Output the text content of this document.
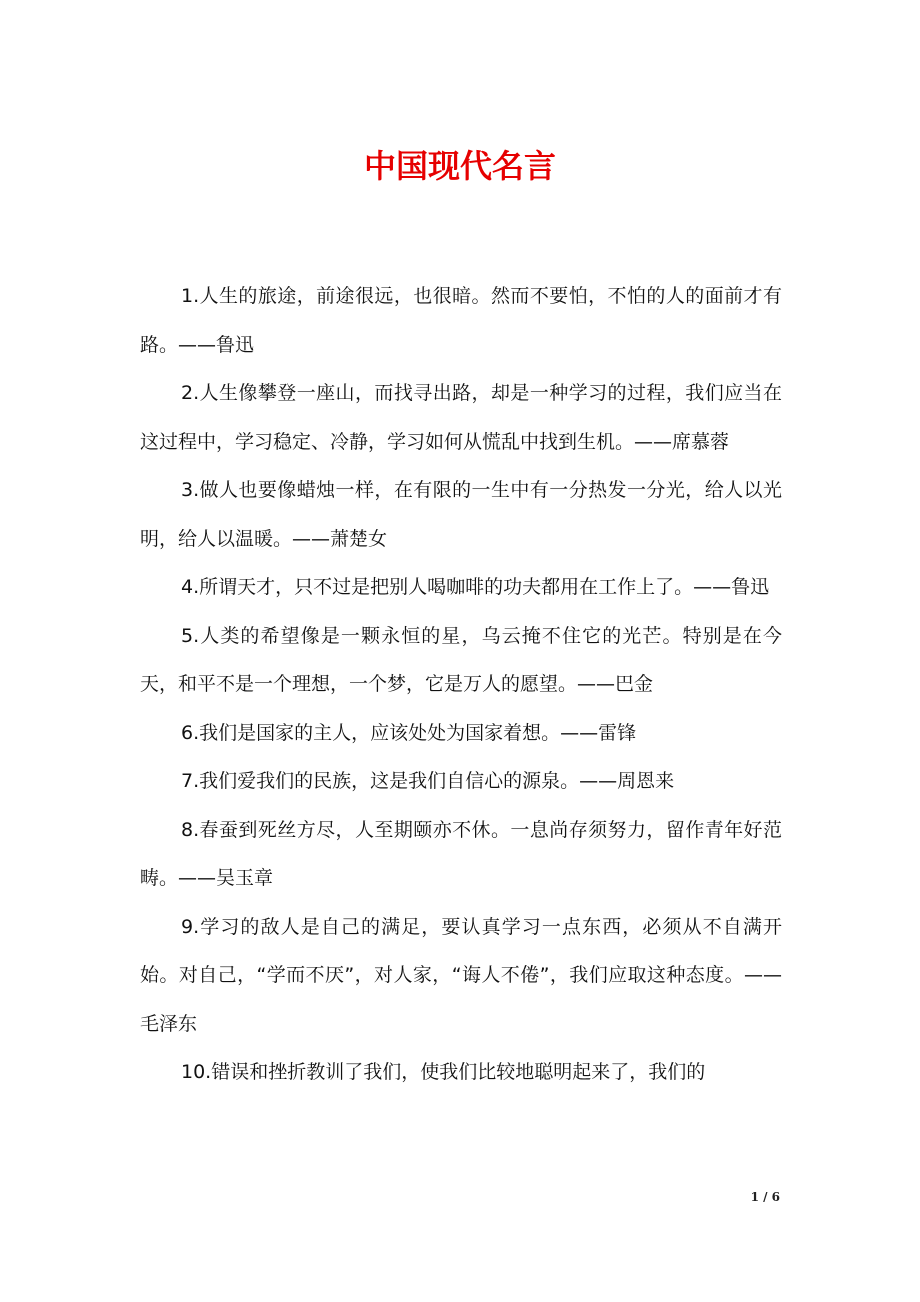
中国现代名言
1.人生的旅途，前途很远，也很暗。然而不要怕，不怕的人的面前才有路。——鲁迅
2.人生像攀登一座山，而找寻出路，却是一种学习的过程，我们应当在这过程中，学习稳定、冷静，学习如何从慌乱中找到生机。——席慕蓉
3.做人也要像蜡烛一样，在有限的一生中有一分热发一分光，给人以光明，给人以温暖。——萧楚女
4.所谓天才，只不过是把别人喝咖啡的功夫都用在工作上了。——鲁迅
5.人类的希望像是一颗永恒的星，乌云掩不住它的光芒。特别是在今天，和平不是一个理想，一个梦，它是万人的愿望。——巴金
6.我们是国家的主人，应该处处为国家着想。——雷锋
7.我们爱我们的民族，这是我们自信心的源泉。——周恩来
8.春蚕到死丝方尽，人至期颐亦不休。一息尚存须努力，留作青年好范畴。——吴玉章
9.学习的敌人是自己的满足，要认真学习一点东西，必须从不自满开始。对自己，“学而不厌”，对人家，“诲人不倦”，我们应取这种态度。——毛泽东
10.错误和挫折教训了我们，使我们比较地聪明起来了，我们的
1 / 6
